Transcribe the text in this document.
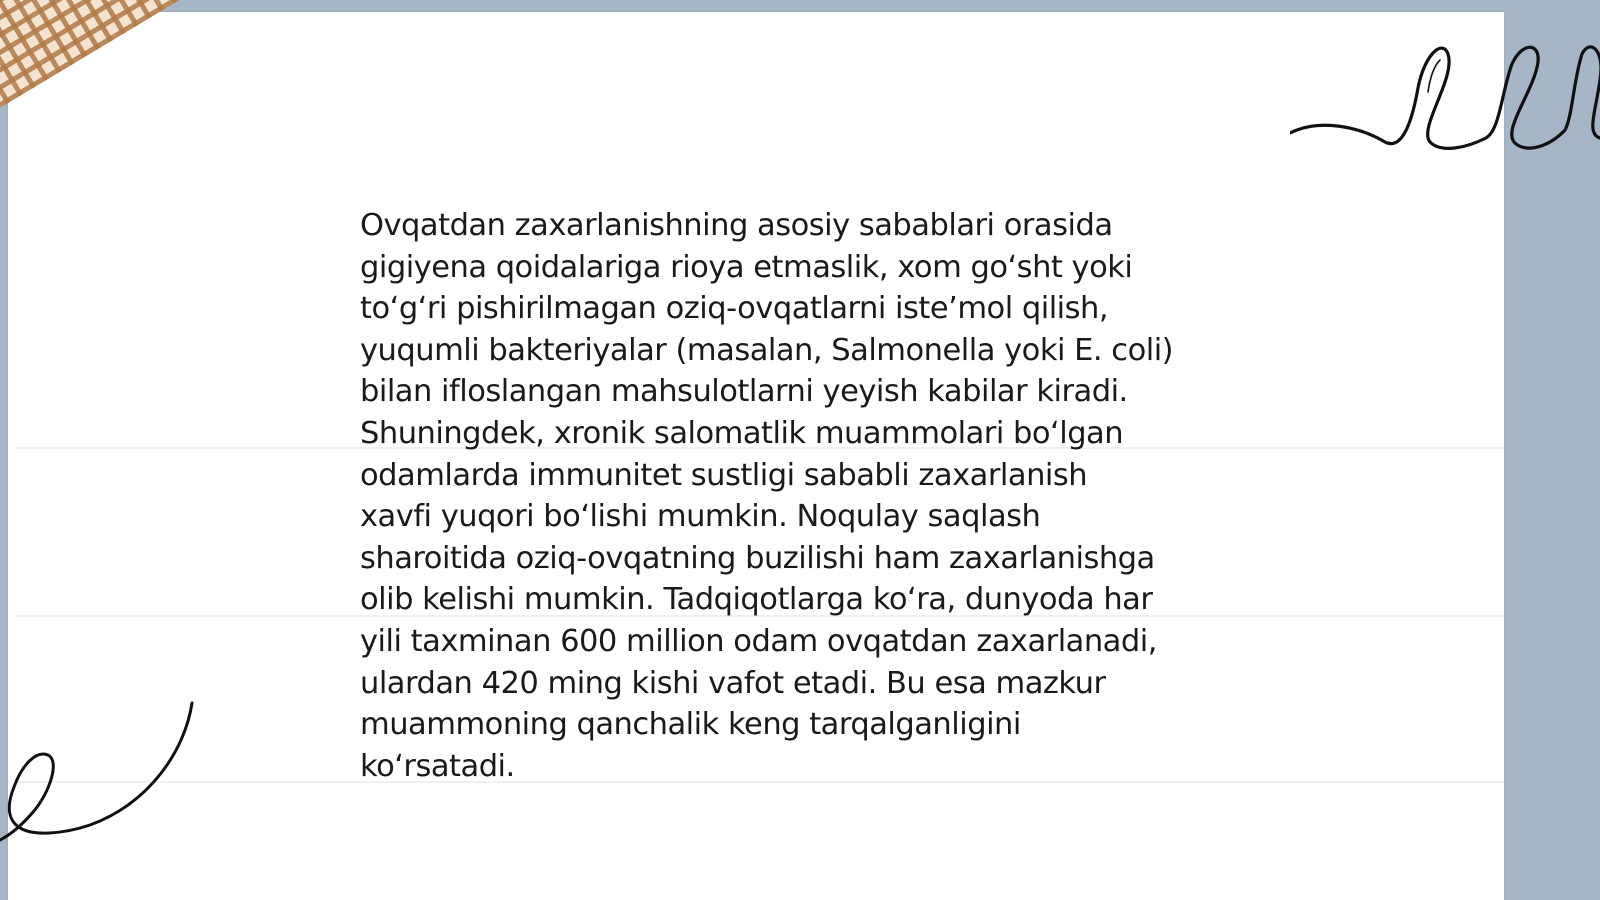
Ovqatdan zaxarlanishning asosiy sabablari orasida
gigiyena qoidalariga rioya etmaslik, xom goʻsht yoki
toʻgʻri pishirilmagan oziq-ovqatlarni isteʼmol qilish,
yuqumli bakteriyalar (masalan, Salmonella yoki E. coli)
bilan ifloslangan mahsulotlarni yeyish kabilar kiradi.
Shuningdek, xronik salomatlik muammolari boʻlgan
odamlarda immunitet sustligi sababli zaxarlanish
xavfi yuqori boʻlishi mumkin. Noqulay saqlash
sharoitida oziq-ovqatning buzilishi ham zaxarlanishga
olib kelishi mumkin. Tadqiqotlarga koʻra, dunyoda har
yili taxminan 600 million odam ovqatdan zaxarlanadi,
ulardan 420 ming kishi vafot etadi. Bu esa mazkur
muammoning qanchalik keng tarqalganligini
koʻrsatadi.
